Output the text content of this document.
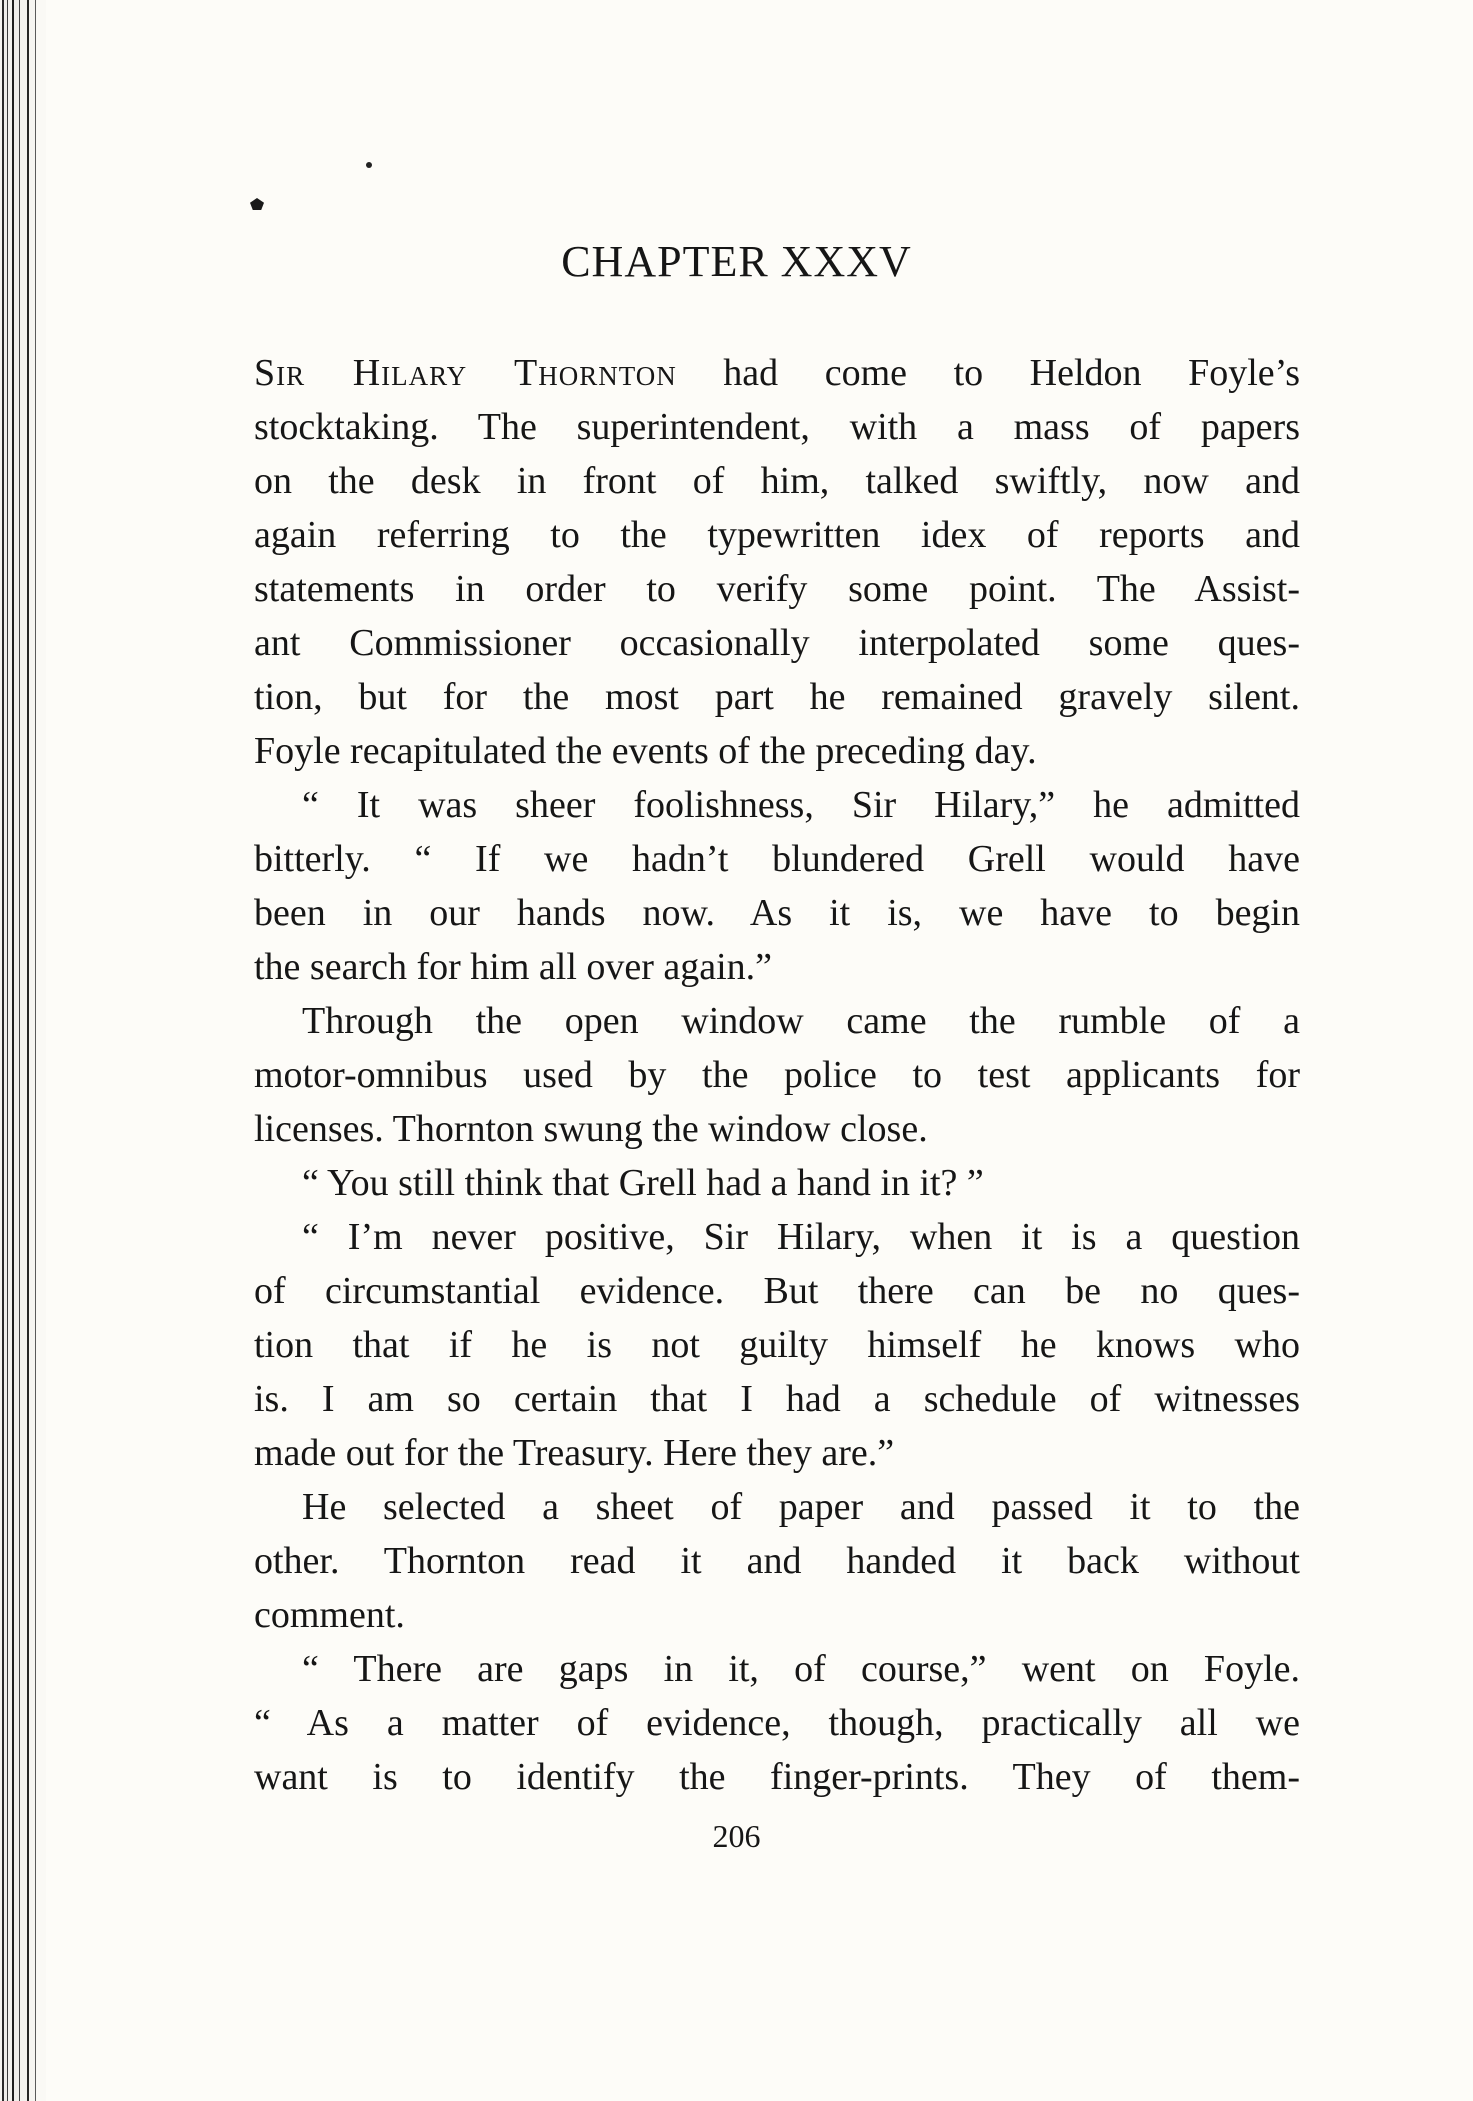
CHAPTER XXXV
Sir Hilary Thornton had come to Heldon Foyle’s
stocktaking. The superintendent, with a mass of papers
on the desk in front of him, talked swiftly, now and
again referring to the typewritten idex of reports and
statements in order to verify some point. The Assist-
ant Commissioner occasionally interpolated some ques-
tion, but for the most part he remained gravely silent.
Foyle recapitulated the events of the preceding day.
“ It was sheer foolishness, Sir Hilary,” he admitted
bitterly. “ If we hadn’t blundered Grell would have
been in our hands now. As it is, we have to begin
the search for him all over again.”
Through the open window came the rumble of a
motor-omnibus used by the police to test applicants for
licenses. Thornton swung the window close.
“ You still think that Grell had a hand in it? ”
“ I’m never positive, Sir Hilary, when it is a question
of circumstantial evidence. But there can be no ques-
tion that if he is not guilty himself he knows who
is. I am so certain that I had a schedule of witnesses
made out for the Treasury. Here they are.”
He selected a sheet of paper and passed it to the
other. Thornton read it and handed it back without
comment.
“ There are gaps in it, of course,” went on Foyle.
“ As a matter of evidence, though, practically all we
want is to identify the finger-prints. They of them-

206
